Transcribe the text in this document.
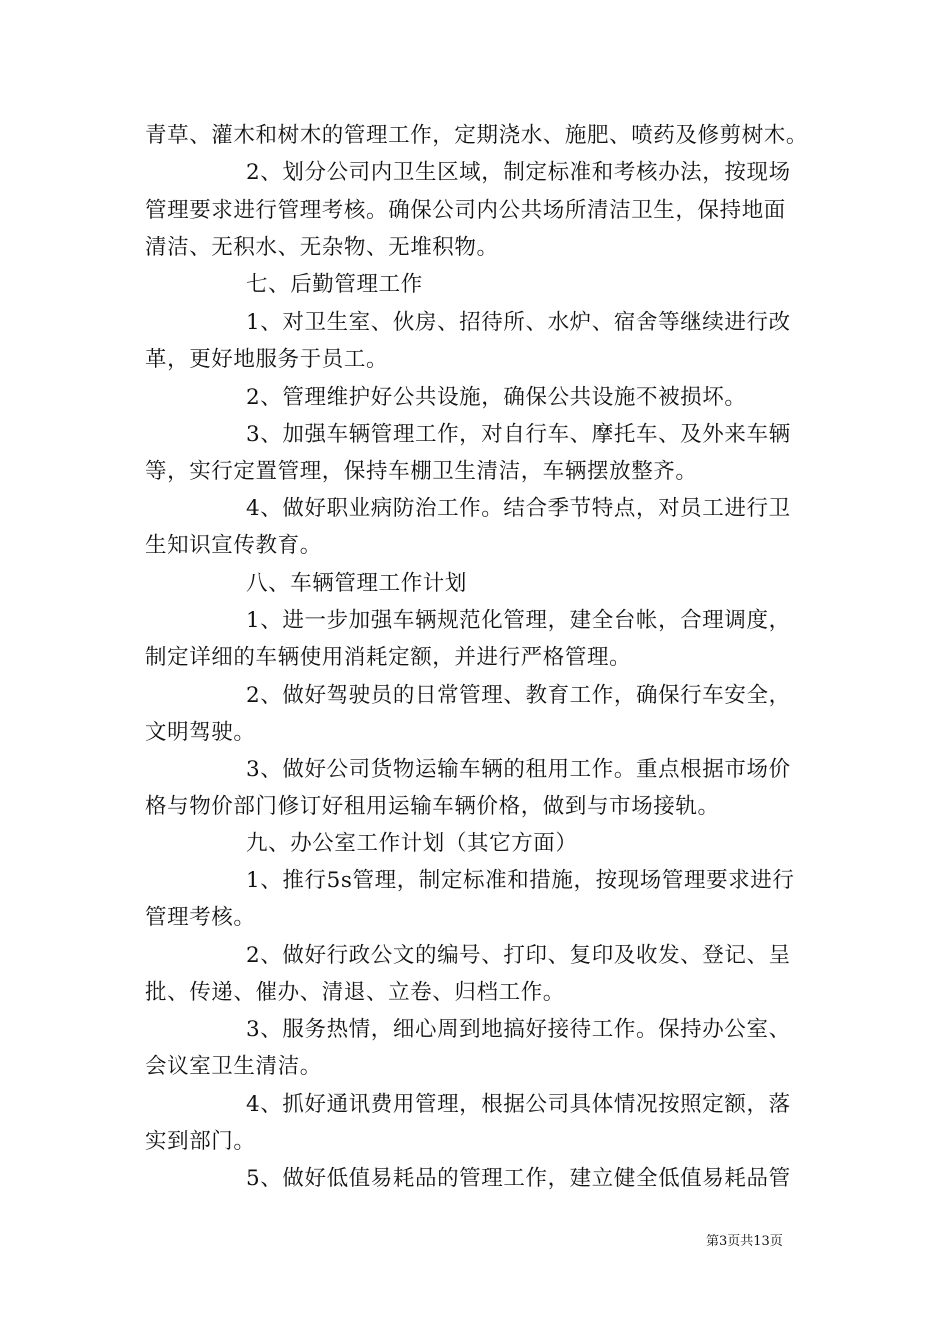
青草、灌木和树木的管理工作，定期浇水、施肥、喷药及修剪树木。
2、划分公司内卫生区域，制定标准和考核办法，按现场
管理要求进行管理考核。确保公司内公共场所清洁卫生，保持地面
清洁、无积水、无杂物、无堆积物。
七、后勤管理工作
1、对卫生室、伙房、招待所、水炉、宿舍等继续进行改
革，更好地服务于员工。
2、管理维护好公共设施，确保公共设施不被损坏。
3、加强车辆管理工作，对自行车、摩托车、及外来车辆
等，实行定置管理，保持车棚卫生清洁，车辆摆放整齐。
4、做好职业病防治工作。结合季节特点，对员工进行卫
生知识宣传教育。
八、车辆管理工作计划
1、进一步加强车辆规范化管理，建全台帐，合理调度，
制定详细的车辆使用消耗定额，并进行严格管理。
2、做好驾驶员的日常管理、教育工作，确保行车安全，
文明驾驶。
3、做好公司货物运输车辆的租用工作。重点根据市场价
格与物价部门修订好租用运输车辆价格，做到与市场接轨。
九、办公室工作计划（其它方面）
1、推行5s管理，制定标准和措施，按现场管理要求进行
管理考核。
2、做好行政公文的编号、打印、复印及收发、登记、呈
批、传递、催办、清退、立卷、归档工作。
3、服务热情，细心周到地搞好接待工作。保持办公室、
会议室卫生清洁。
4、抓好通讯费用管理，根据公司具体情况按照定额，落
实到部门。
5、做好低值易耗品的管理工作，建立健全低值易耗品管
第3页共13页
